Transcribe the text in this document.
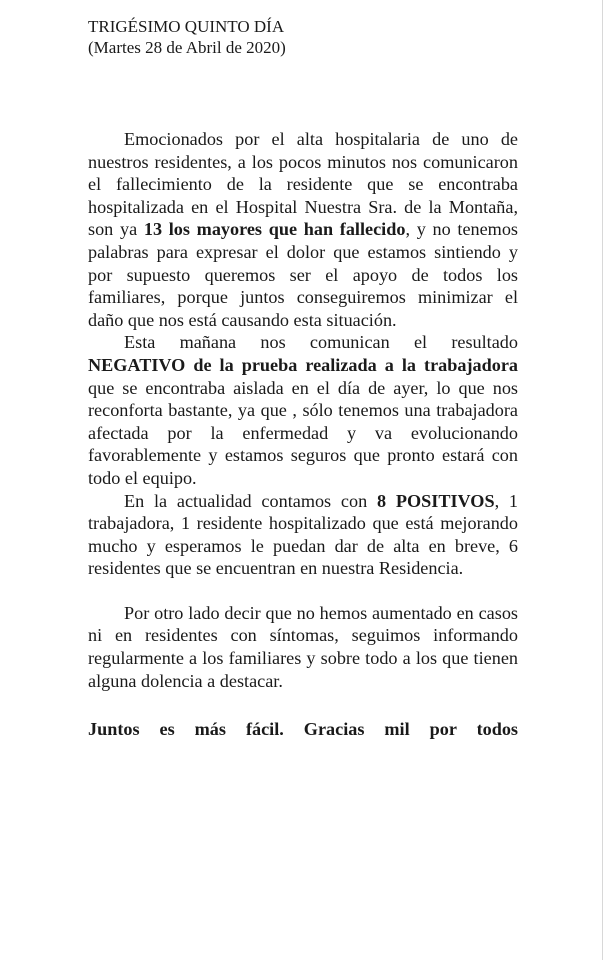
TRIGÉSIMO QUINTO DÍA
(Martes 28 de Abril de 2020)

Emocionados por el alta hospitalaria de uno de nuestros residentes, a los pocos minutos nos comunicaron el fallecimiento de la residente que se encontraba hospitalizada en el Hospital Nuestra Sra. de la Montaña, son ya 13 los mayores que han fallecido, y no tenemos palabras para expresar el dolor que estamos sintiendo y por supuesto queremos ser el apoyo de todos los familiares, porque juntos conseguiremos minimizar el daño que nos está causando esta situación.

Esta mañana nos comunican el resultado NEGATIVO de la prueba realizada a la trabajadora que se encontraba aislada en el día de ayer, lo que nos reconforta bastante, ya que , sólo tenemos una trabajadora afectada por la enfermedad y va evolucionando favorablemente y estamos seguros que pronto estará con todo el equipo.

En la actualidad contamos con 8 POSITIVOS, 1 trabajadora, 1 residente hospitalizado que está mejorando mucho y esperamos le puedan dar de alta en breve, 6 residentes que se encuentran en nuestra Residencia.

Por otro lado decir que no hemos aumentado en casos ni en residentes con síntomas, seguimos informando regularmente a los familiares y sobre todo a los que tienen alguna dolencia a destacar.

Juntos es más fácil. Gracias mil por todos
